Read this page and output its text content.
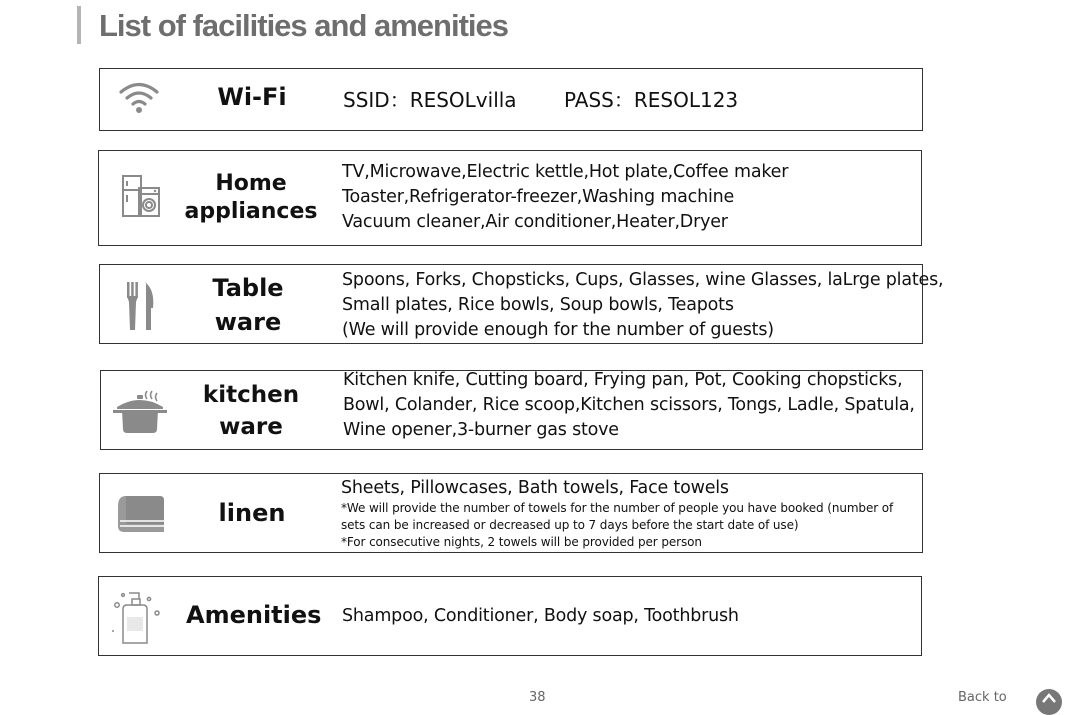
List of facilities and amenities
Wi-Fi	SSID：RESOLvilla PASS：RESOL123
Home
appliances
TV,Microwave,Electric kettle,Hot plate,Coffee maker
Toaster,Refrigerator-freezer,Washing machine
Vacuum cleaner,Air conditioner,Heater,Dryer
Table
ware
Spoons, Forks, Chopsticks, Cups, Glasses, wine Glasses, laLrge plates,
Small plates, Rice bowls, Soup bowls, Teapots
(We will provide enough for the number of guests)
kitchen
ware
Kitchen knife, Cutting board, Frying pan, Pot, Cooking chopsticks,
Bowl, Colander, Rice scoop,Kitchen scissors, Tongs, Ladle, Spatula,
Wine opener,3-burner gas stove
linen
Sheets, Pillowcases, Bath towels, Face towels
*We will provide the number of towels for the number of people you have booked (number of
sets can be increased or decreased up to 7 days before the start date of use)
*For consecutive nights, 2 towels will be provided per person
Amenities Shampoo, Conditioner, Body soap, Toothbrush
38	Back to
